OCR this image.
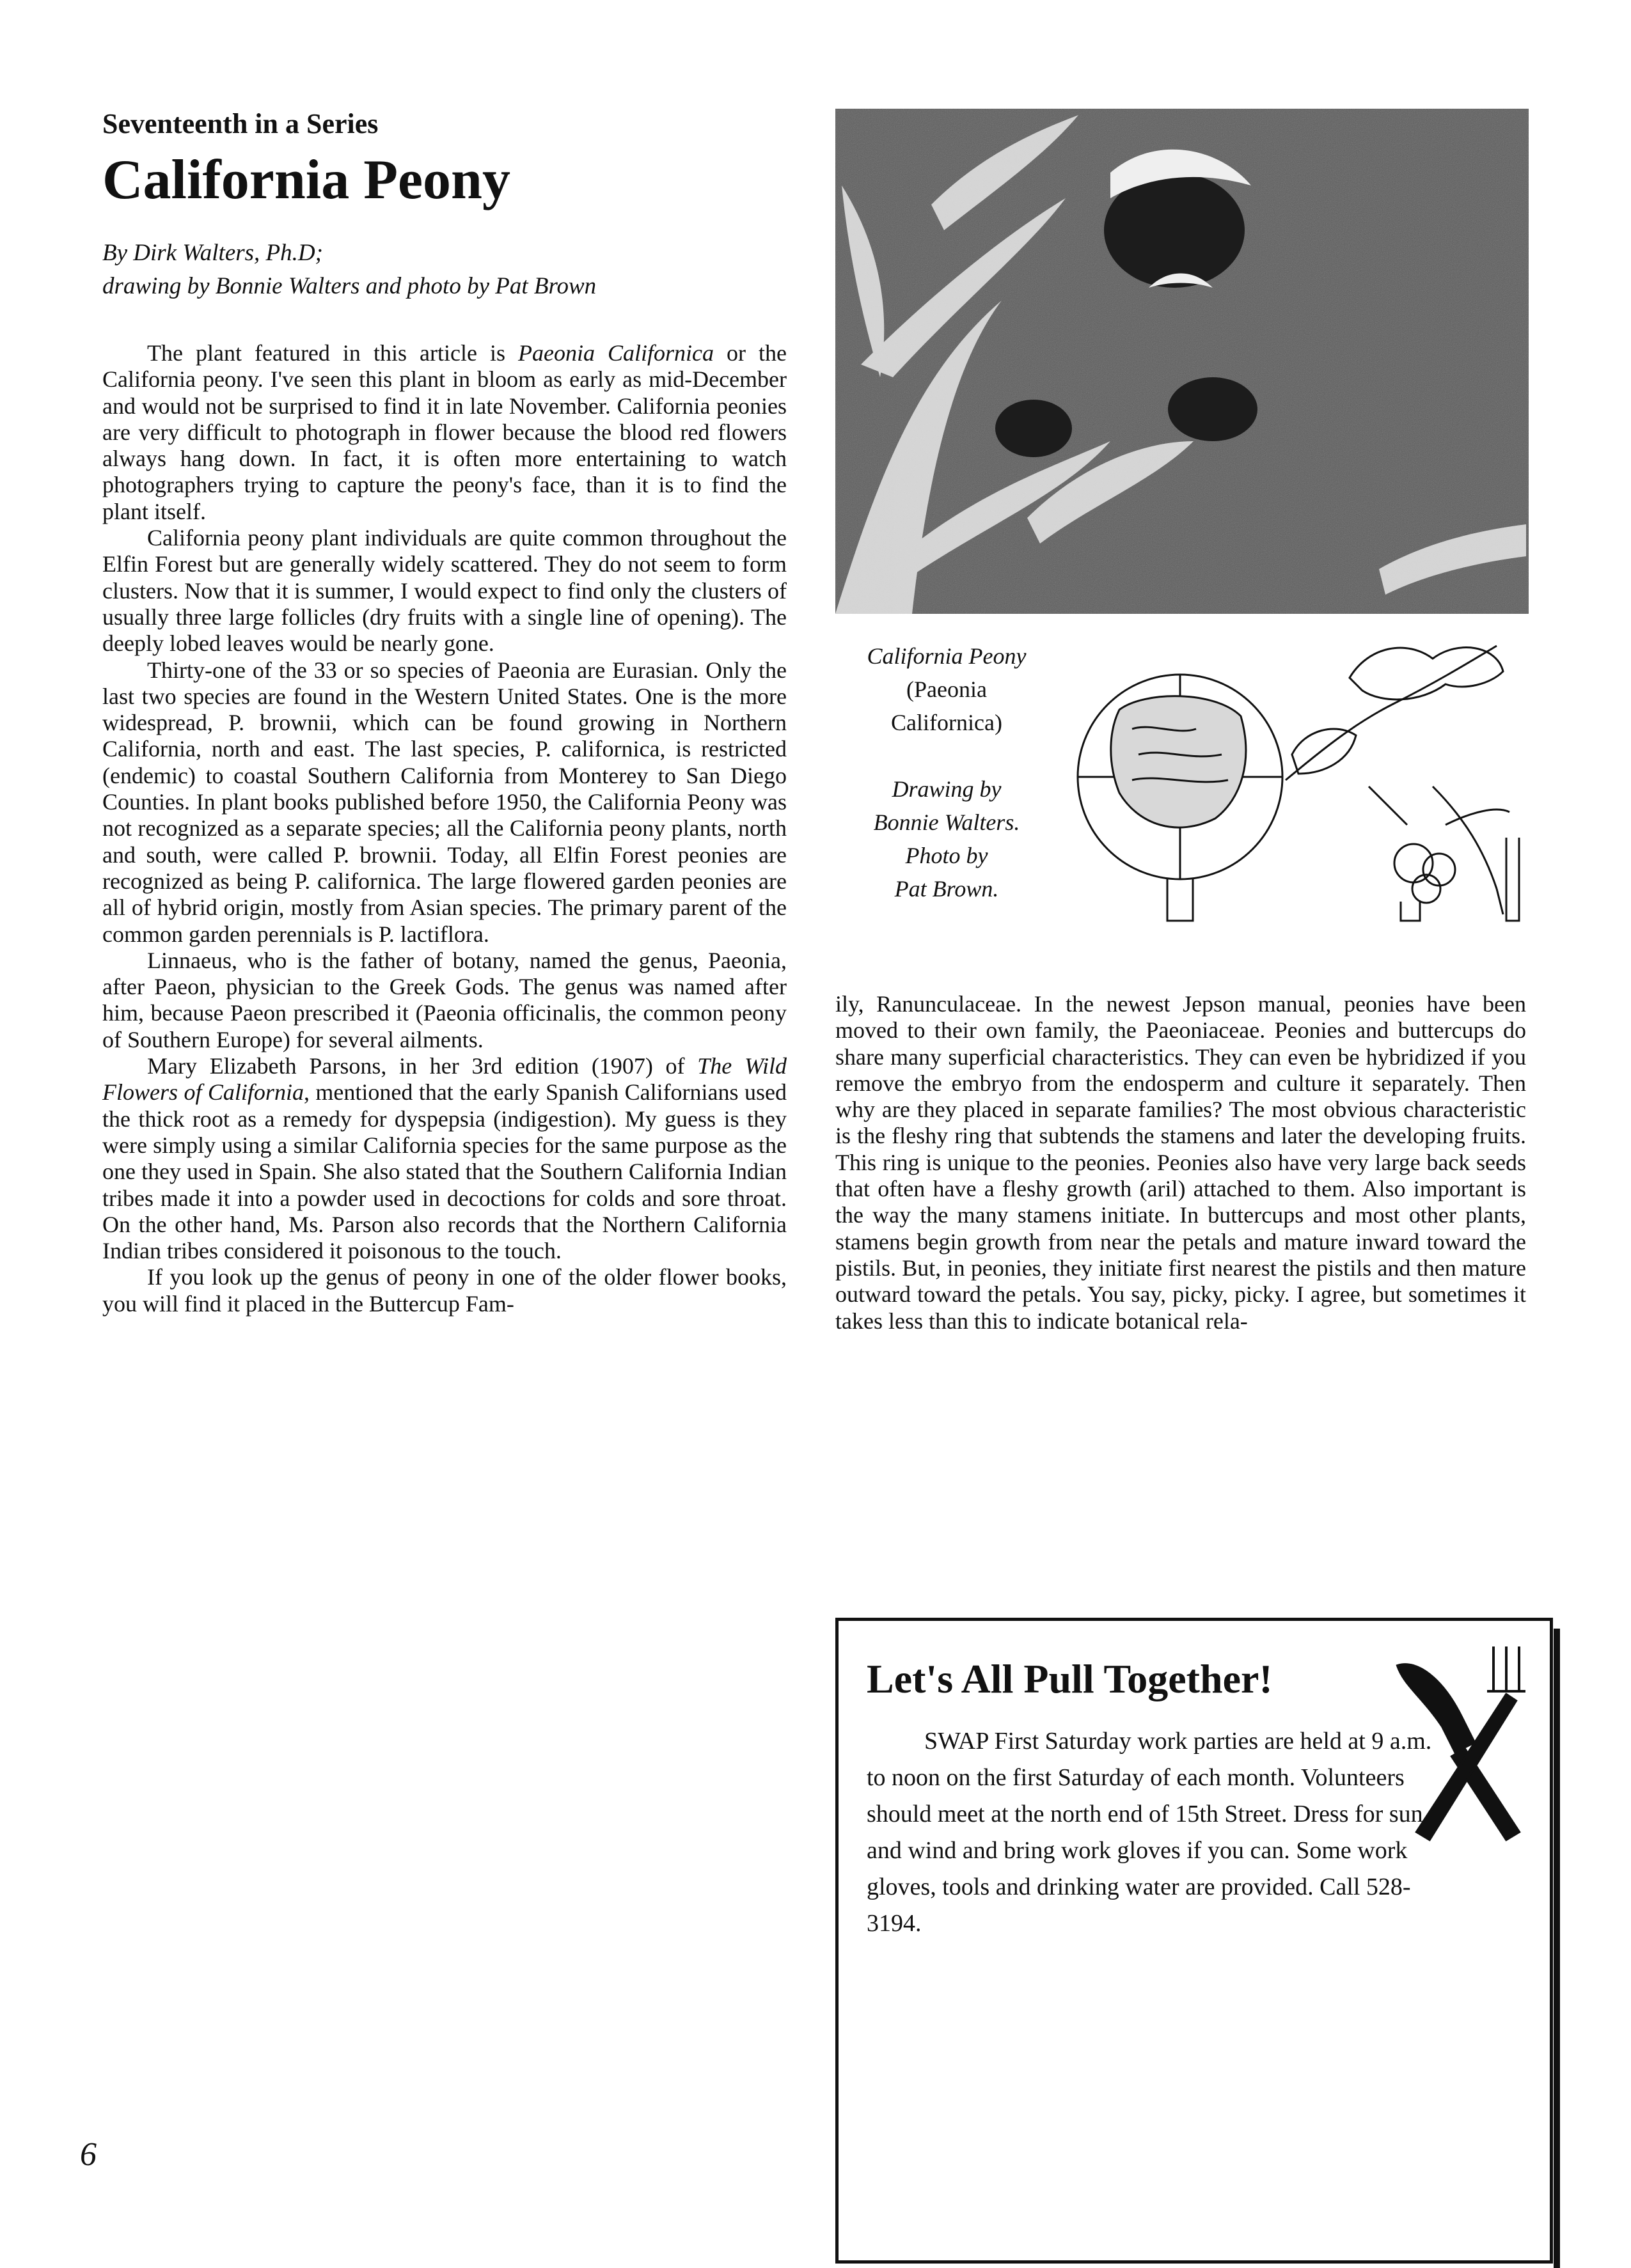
Seventeenth in a Series
California Peony
By Dirk Walters, Ph.D;
drawing by Bonnie Walters and photo by Pat Brown

The plant featured in this article is Paeonia Californica or the California peony. I've seen this plant in bloom as early as mid-December and would not be surprised to find it in late November. California peonies are very difficult to photograph in flower because the blood red flowers always hang down. In fact, it is often more entertaining to watch photographers trying to capture the peony's face, than it is to find the plant itself.

California peony plant individuals are quite common throughout the Elfin Forest but are generally widely scattered. They do not seem to form clusters. Now that it is summer, I would expect to find only the clusters of usually three large follicles (dry fruits with a single line of opening). The deeply lobed leaves would be nearly gone.

Thirty-one of the 33 or so species of Paeonia are Eurasian. Only the last two species are found in the Western United States. One is the more widespread, P. brownii, which can be found growing in Northern California, north and east. The last species, P. californica, is restricted (endemic) to coastal Southern California from Monterey to San Diego Counties. In plant books published before 1950, the California Peony was not recognized as a separate species; all the California peony plants, north and south, were called P. brownii. Today, all Elfin Forest peonies are recognized as being P. californica. The large flowered garden peonies are all of hybrid origin, mostly from Asian species. The primary parent of the common garden perennials is P. lactiflora.

Linnaeus, who is the father of botany, named the genus, Paeonia, after Paeon, physician to the Greek Gods. The genus was named after him, because Paeon prescribed it (Paeonia officinalis, the common peony of Southern Europe) for several ailments.

Mary Elizabeth Parsons, in her 3rd edition (1907) of The Wild Flowers of California, mentioned that the early Spanish Californians used the thick root as a remedy for dyspepsia (indigestion). My guess is they were simply using a similar California species for the same purpose as the one they used in Spain. She also stated that the Southern California Indian tribes made it into a powder used in decoctions for colds and sore throat. On the other hand, Ms. Parson also records that the Northern California Indian tribes considered it poisonous to the touch.

If you look up the genus of peony in one of the older flower books, you will find it placed in the Buttercup Fam-

California Peony
(Paeonia
Californica)
Drawing by
Bonnie Walters.
Photo by
Pat Brown.

ily, Ranunculaceae. In the newest Jepson manual, peonies have been moved to their own family, the Paeoniaceae. Peonies and buttercups do share many superficial characteristics. They can even be hybridized if you remove the embryo from the endosperm and culture it separately. Then why are they placed in separate families? The most obvious characteristic is the fleshy ring that subtends the stamens and later the developing fruits. This ring is unique to the peonies. Peonies also have very large back seeds that often have a fleshy growth (aril) attached to them. Also important is the way the many stamens initiate. In buttercups and most other plants, stamens begin growth from near the petals and mature inward toward the pistils. But, in peonies, they initiate first nearest the pistils and then mature outward toward the petals. You say, picky, picky. I agree, but sometimes it takes less than this to indicate botanical rela-

Let's All Pull Together!
SWAP First Saturday work parties are held at 9 a.m. to noon on the first Saturday of each month. Volunteers should meet at the north end of 15th Street. Dress for sun and wind and bring work gloves if you can. Some work gloves, tools and drinking water are provided. Call 528-3194.
6
